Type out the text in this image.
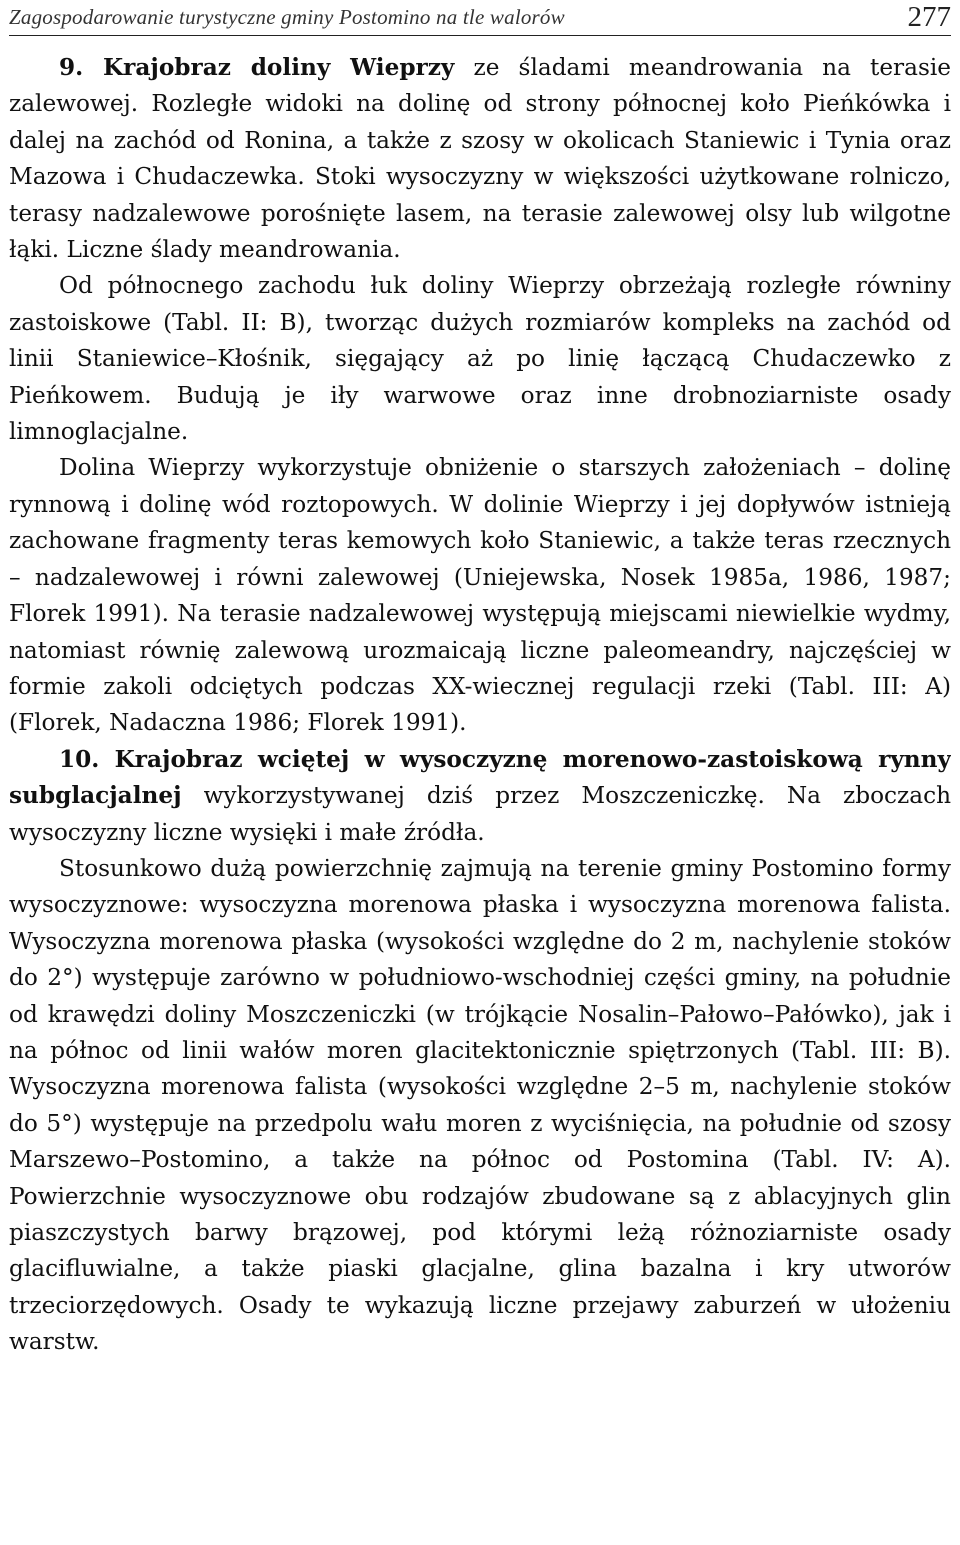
Zagospodarowanie turystyczne gminy Postomino na tle walorów	277

9. Krajobraz doliny Wieprzy ze śladami meandrowania na terasie zalewowej. Rozległe widoki na dolinę od strony północnej koło Pieńkówka i dalej na zachód od Ronina, a także z szosy w okolicach Staniewic i Tynia oraz Mazowa i Chudaczewka. Stoki wysoczyzny w większości użytkowane rolniczo, terasy nadzalewowe porośnięte lasem, na terasie zalewowej olsy lub wilgotne łąki. Liczne ślady meandrowania.

Od północnego zachodu łuk doliny Wieprzy obrzeżają rozległe równiny zastoiskowe (Tabl. II: B), tworząc dużych rozmiarów kompleks na zachód od linii Staniewice–Kłośnik, sięgający aż po linię łączącą Chudaczewko z Pieńkowem. Budują je iły warwowe oraz inne drobnoziarniste osady limnoglacjalne.

Dolina Wieprzy wykorzystuje obniżenie o starszych założeniach – dolinę rynnową i dolinę wód roztopowych. W dolinie Wieprzy i jej dopływów istnieją zachowane fragmenty teras kemowych koło Staniewic, a także teras rzecznych – nadzalewowej i równi zalewowej (Uniejewska, Nosek 1985a, 1986, 1987; Florek 1991). Na terasie nadzalewowej występują miejscami niewielkie wydmy, natomiast równię zalewową urozmaicają liczne paleomeandry, najczęściej w formie zakoli odciętych podczas XX-wiecznej regulacji rzeki (Tabl. III: A) (Florek, Nadaczna 1986; Florek 1991).

10. Krajobraz wciętej w wysoczyznę morenowo-zastoiskową rynny subglacjalnej wykorzystywanej dziś przez Moszczeniczkę. Na zboczach wysoczyzny liczne wysięki i małe źródła.

Stosunkowo dużą powierzchnię zajmują na terenie gminy Postomino formy wysoczyznowe: wysoczyzna morenowa płaska i wysoczyzna morenowa falista. Wysoczyzna morenowa płaska (wysokości względne do 2 m, nachylenie stoków do 2°) występuje zarówno w południowo-wschodniej części gminy, na południe od krawędzi doliny Moszczeniczki (w trójkącie Nosalin–Pałowo–Pałówko), jak i na północ od linii wałów moren glacitektonicznie spiętrzonych (Tabl. III: B). Wysoczyzna morenowa falista (wysokości względne 2–5 m, nachylenie stoków do 5°) występuje na przedpolu wału moren z wyciśnięcia, na południe od szosy Marszewo–Postomino, a także na północ od Postomina (Tabl. IV: A). Powierzchnie wysoczyznowe obu rodzajów zbudowane są z ablacyjnych glin piaszczystych barwy brązowej, pod którymi leżą różnoziarniste osady glacifluwialne, a także piaski glacjalne, glina bazalna i kry utworów trzeciorzędowych. Osady te wykazują liczne przejawy zaburzeń w ułożeniu warstw.
